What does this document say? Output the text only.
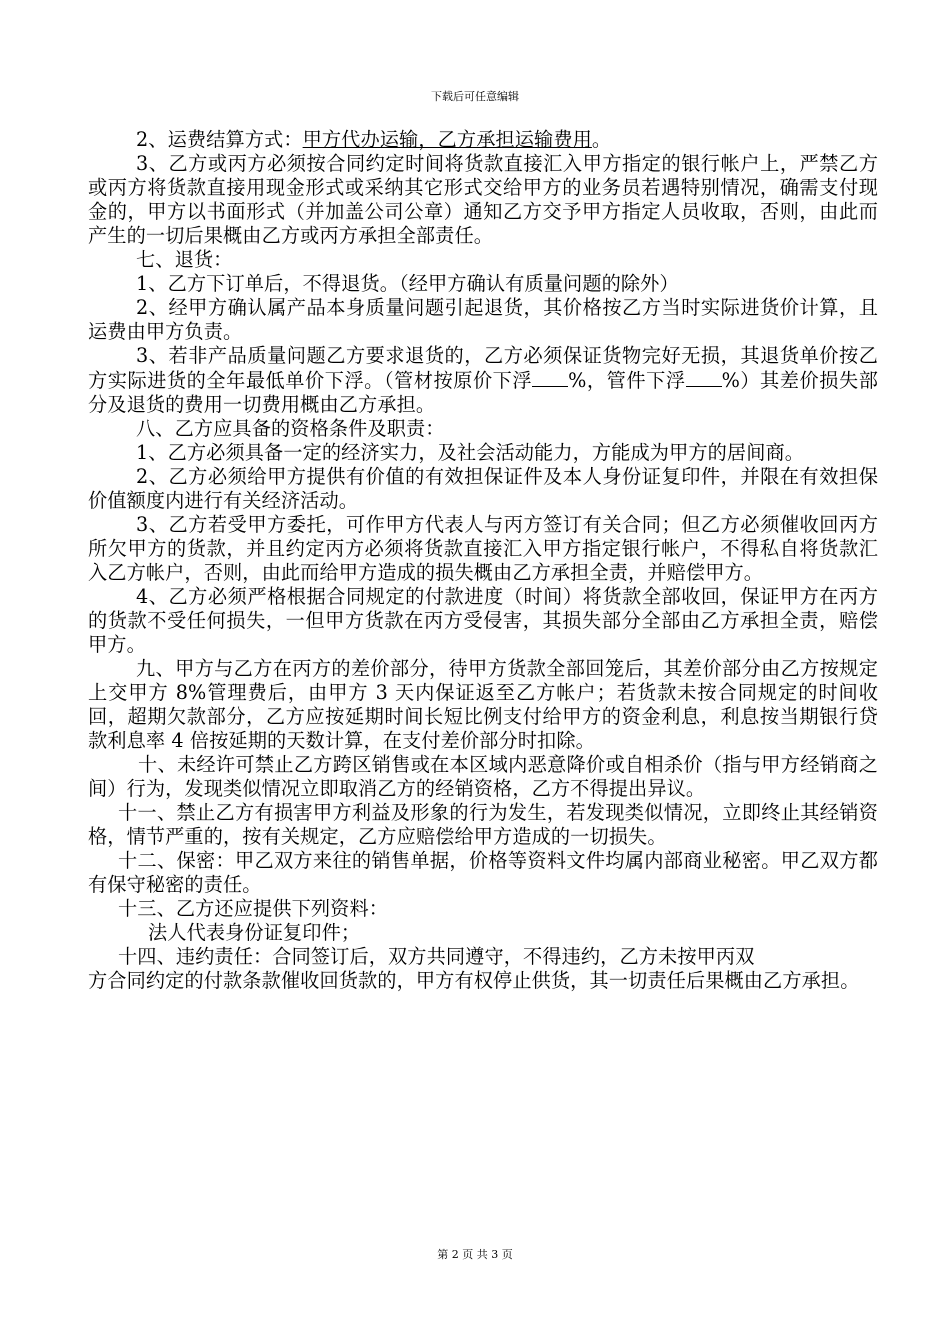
下载后可任意编辑

2、运费结算方式：甲方代办运输，乙方承担运输费用。

3、乙方或丙方必须按合同约定时间将货款直接汇入甲方指定的银行帐户上，严禁乙方或丙方将货款直接用现金形式或采纳其它形式交给甲方的业务员若遇特别情况，确需支付现金的，甲方以书面形式（并加盖公司公章）通知乙方交予甲方指定人员收取，否则，由此而产生的一切后果概由乙方或丙方承担全部责任。

七、退货：

1、乙方下订单后，不得退货。（经甲方确认有质量问题的除外）

2、经甲方确认属产品本身质量问题引起退货，其价格按乙方当时实际进货价计算，且运费由甲方负责。

3、若非产品质量问题乙方要求退货的，乙方必须保证货物完好无损，其退货单价按乙方实际进货的全年最低单价下浮。（管材按原价下浮 %，管件下浮 %）其差价损失部分及退货的费用一切费用概由乙方承担。

八、乙方应具备的资格条件及职责：

1、乙方必须具备一定的经济实力，及社会活动能力，方能成为甲方的居间商。

2、乙方必须给甲方提供有价值的有效担保证件及本人身份证复印件，并限在有效担保价值额度内进行有关经济活动。

3、乙方若受甲方委托，可作甲方代表人与丙方签订有关合同；但乙方必须催收回丙方所欠甲方的货款，并且约定丙方必须将货款直接汇入甲方指定银行帐户，不得私自将货款汇入乙方帐户，否则，由此而给甲方造成的损失概由乙方承担全责，并赔偿甲方。

4、乙方必须严格根据合同规定的付款进度（时间）将货款全部收回，保证甲方在丙方的货款不受任何损失，一但甲方货款在丙方受侵害，其损失部分全部由乙方承担全责，赔偿甲方。

九、甲方与乙方在丙方的差价部分，待甲方货款全部回笼后，其差价部分由乙方按规定上交甲方 8%管理费后，由甲方 3 天内保证返至乙方帐户；若货款未按合同规定的时间收回，超期欠款部分，乙方应按延期时间长短比例支付给甲方的资金利息，利息按当期银行贷款利息率 4 倍按延期的天数计算，在支付差价部分时扣除。

十、未经许可禁止乙方跨区销售或在本区域内恶意降价或自相杀价（指与甲方经销商之间）行为，发现类似情况立即取消乙方的经销资格，乙方不得提出异议。

十一、禁止乙方有损害甲方利益及形象的行为发生，若发现类似情况，立即终止其经销资格，情节严重的，按有关规定，乙方应赔偿给甲方造成的一切损失。

十二、保密：甲乙双方来往的销售单据，价格等资料文件均属内部商业秘密。甲乙双方都有保守秘密的责任。

十三、乙方还应提供下列资料：

法人代表身份证复印件；

十四、违约责任：合同签订后，双方共同遵守，不得违约，乙方未按甲丙双

方合同约定的付款条款催收回货款的，甲方有权停止供货，其一切责任后果概由乙方承担。

第 2 页 共 3 页
